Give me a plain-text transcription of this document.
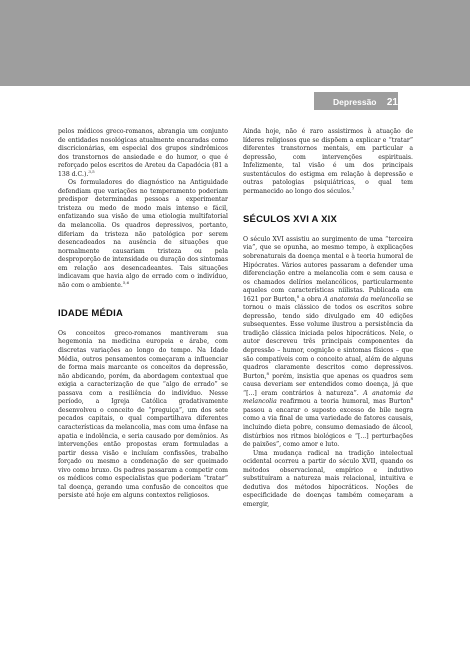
Depressão 21

pelos médicos greco-romanos, abrangia um conjunto de entidades nosológicas atualmente encaradas como discricionárias, em especial dos grupos sindrômicos dos transtornos de ansiedade e do humor, o que é reforçado pelos escritos de Areteu da Capadócia (81 a 138 d.C.).$^{3,5}$

Os formuladores do diagnóstico na Antiguidade defendiam que variações no temperamento poderiam predispor determinadas pessoas a experimentar tristeza ou medo de modo mais intenso e fácil, enfatizando sua visão de uma etiologia multifatorial da melancolia. Os quadros depressivos, portanto, diferiam da tristeza não patológica por serem desencadeados na ausência de situações que normalmente causariam tristeza ou pela desproporção de intensidade ou duração dos sintomas em relação aos desencadeantes. Tais situações indicavam que havia algo de errado com o indivíduo, não com o ambiente.$^{5,6}$

IDADE MÉDIA

Os conceitos greco-romanos mantiveram sua hegemonia na medicina europeia e árabe, com discretas variações ao longo do tempo. Na Idade Média, outros pensamentos começaram a influenciar de forma mais marcante os conceitos da depressão, não abdicando, porém, da abordagem contextual que exigia a caracterização de que “algo de errado” se passava com a resiliência do indivíduo. Nesse período, a Igreja Católica gradativamente desenvolveu o conceito de “preguiça”, um dos sete pecados capitais, o qual compartilhava diferentes características da melancolia, mas com uma ênfase na apatia e indolência, e seria causado por demônios. As intervenções então propostas eram formuladas a partir dessa visão e incluíam confissões, trabalho forçado ou mesmo a condenação de ser queimado vivo como bruxo. Os padres passaram a competir com os médicos como especialistas que poderiam “tratar” tal doença, gerando uma confusão de conceitos que persiste até hoje em alguns contextos religiosos.

Ainda hoje, não é raro assistirmos à atuação de líderes religiosos que se dispõem a explicar e “tratar” diferentes transtornos mentais, em particular a depressão, com intervenções espirituais. Infelizmente, tal visão é um dos principais sustentáculos do estigma em relação à depressão e outras patologias psiquiátricas, o qual tem permanecido ao longo dos séculos.$^7$

SÉCULOS XVI A XIX

O século XVI assistiu ao surgimento de uma “terceira via”, que se opunha, ao mesmo tempo, à explicações sobrenaturais da doença mental e à teoria humoral de Hipócrates. Vários autores passaram a defender uma diferenciação entre a melancolia com e sem causa e os chamados delírios melancólicos, particularmente aqueles com características niilistas. Publicada em 1621 por Burton,$^8$ a obra A anatomia da melancolia se tornou o mais clássico de todos os escritos sobre depressão, tendo sido divulgado em 40 edições subsequentes. Esse volume ilustrou a persistência da tradição clássica iniciada pelos hipocráticos. Nele, o autor descreveu três principais componentes da depressão – humor, cognição e sintomas físicos – que são compatíveis com o conceito atual, além de alguns quadros claramente descritos como depressivos. Burton,$^8$ porém, insistia que apenas os quadros sem causa deveriam ser entendidos como doença, já que “[...] eram contrários à natureza”. A anatomia da melancolia reafirmou a teoria humoral, mas Burton$^8$ passou a encarar o suposto excesso de bile negra como a via final de uma variedade de fatores causais, incluindo dieta pobre, consumo demasiado de álcool, distúrbios nos ritmos biológicos e “[...] perturbações de paixões”, como amor e luto.

Uma mudança radical na tradição intelectual ocidental ocorreu a partir do século XVII, quando os métodos observacional, empírico e indutivo substituíram a natureza mais relacional, intuitiva e dedutiva dos métodos hipocráticos. Noções de especificidade de doenças também começaram a emergir,
